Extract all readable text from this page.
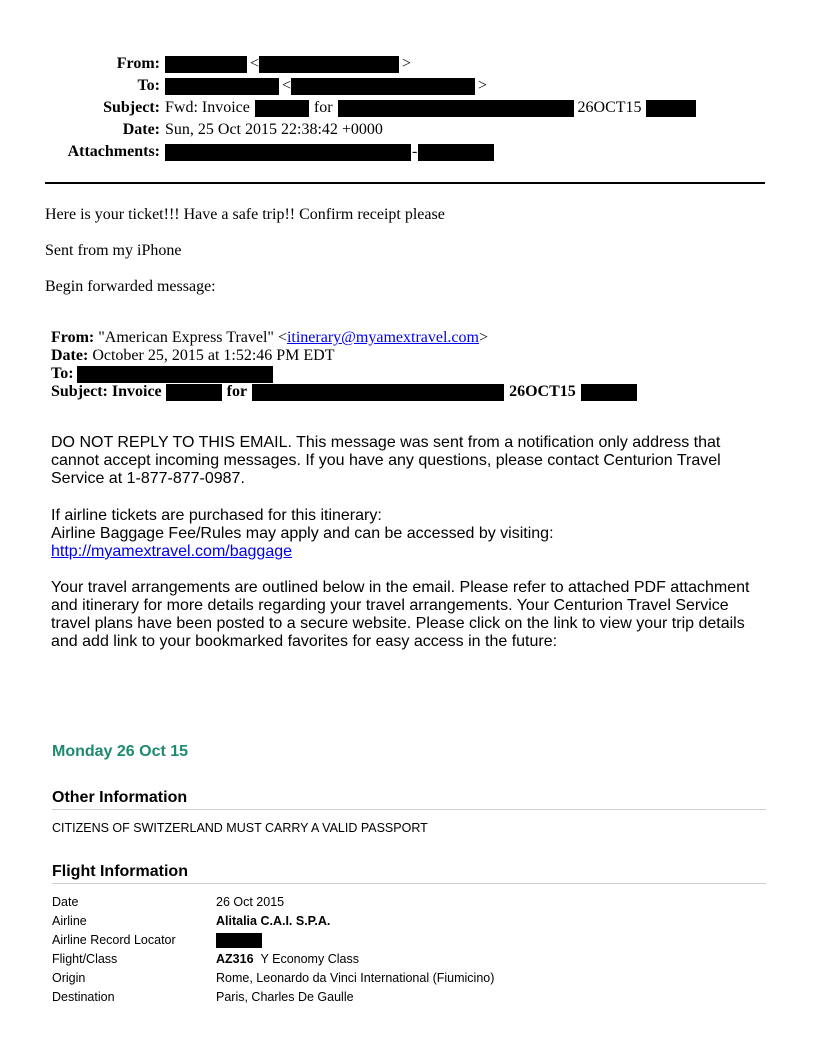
From:	<	>
To:	<	>
Subject: Fwd: Invoice	for	26OCT15
Date: Sun, 25 Oct 2015 22:38:42 +0000
Attachments:	-
Here is your ticket!!! Have a safe trip!! Confirm receipt please
Sent from my iPhone
Begin forwarded message:
From: "American Express Travel" < itinerary@myamextravel.com >
Date: October 25, 2015 at 1:52:46 PM EDT
To:
Subject: Invoice	for	26OCT15
DO NOT REPLY TO THIS EMAIL. This message was sent from a notification only address that cannot accept incoming messages. If you have any questions, please contact Centurion Travel Service at 1-877-877-0987.
If airline tickets are purchased for this itinerary:
Airline Baggage Fee/Rules may apply and can be accessed by visiting:
http://myamextravel.com/baggage
Your travel arrangements are outlined below in the email. Please refer to attached PDF attachment and itinerary for more details regarding your travel arrangements. Your Centurion Travel Service travel plans have been posted to a secure website. Please click on the link to view your trip details and add link to your bookmarked favorites for easy access in the future:
Monday 26 Oct 15
Other Information
CITIZENS OF SWITZERLAND MUST CARRY A VALID PASSPORT
Flight Information
Date	26 Oct 2015
Airline	Alitalia C.A.I. S.P.A.
Airline Record Locator
Flight/Class	AZ316 Y Economy Class
Origin	Rome, Leonardo da Vinci International (Fiumicino)
Destination	Paris, Charles De Gaulle
